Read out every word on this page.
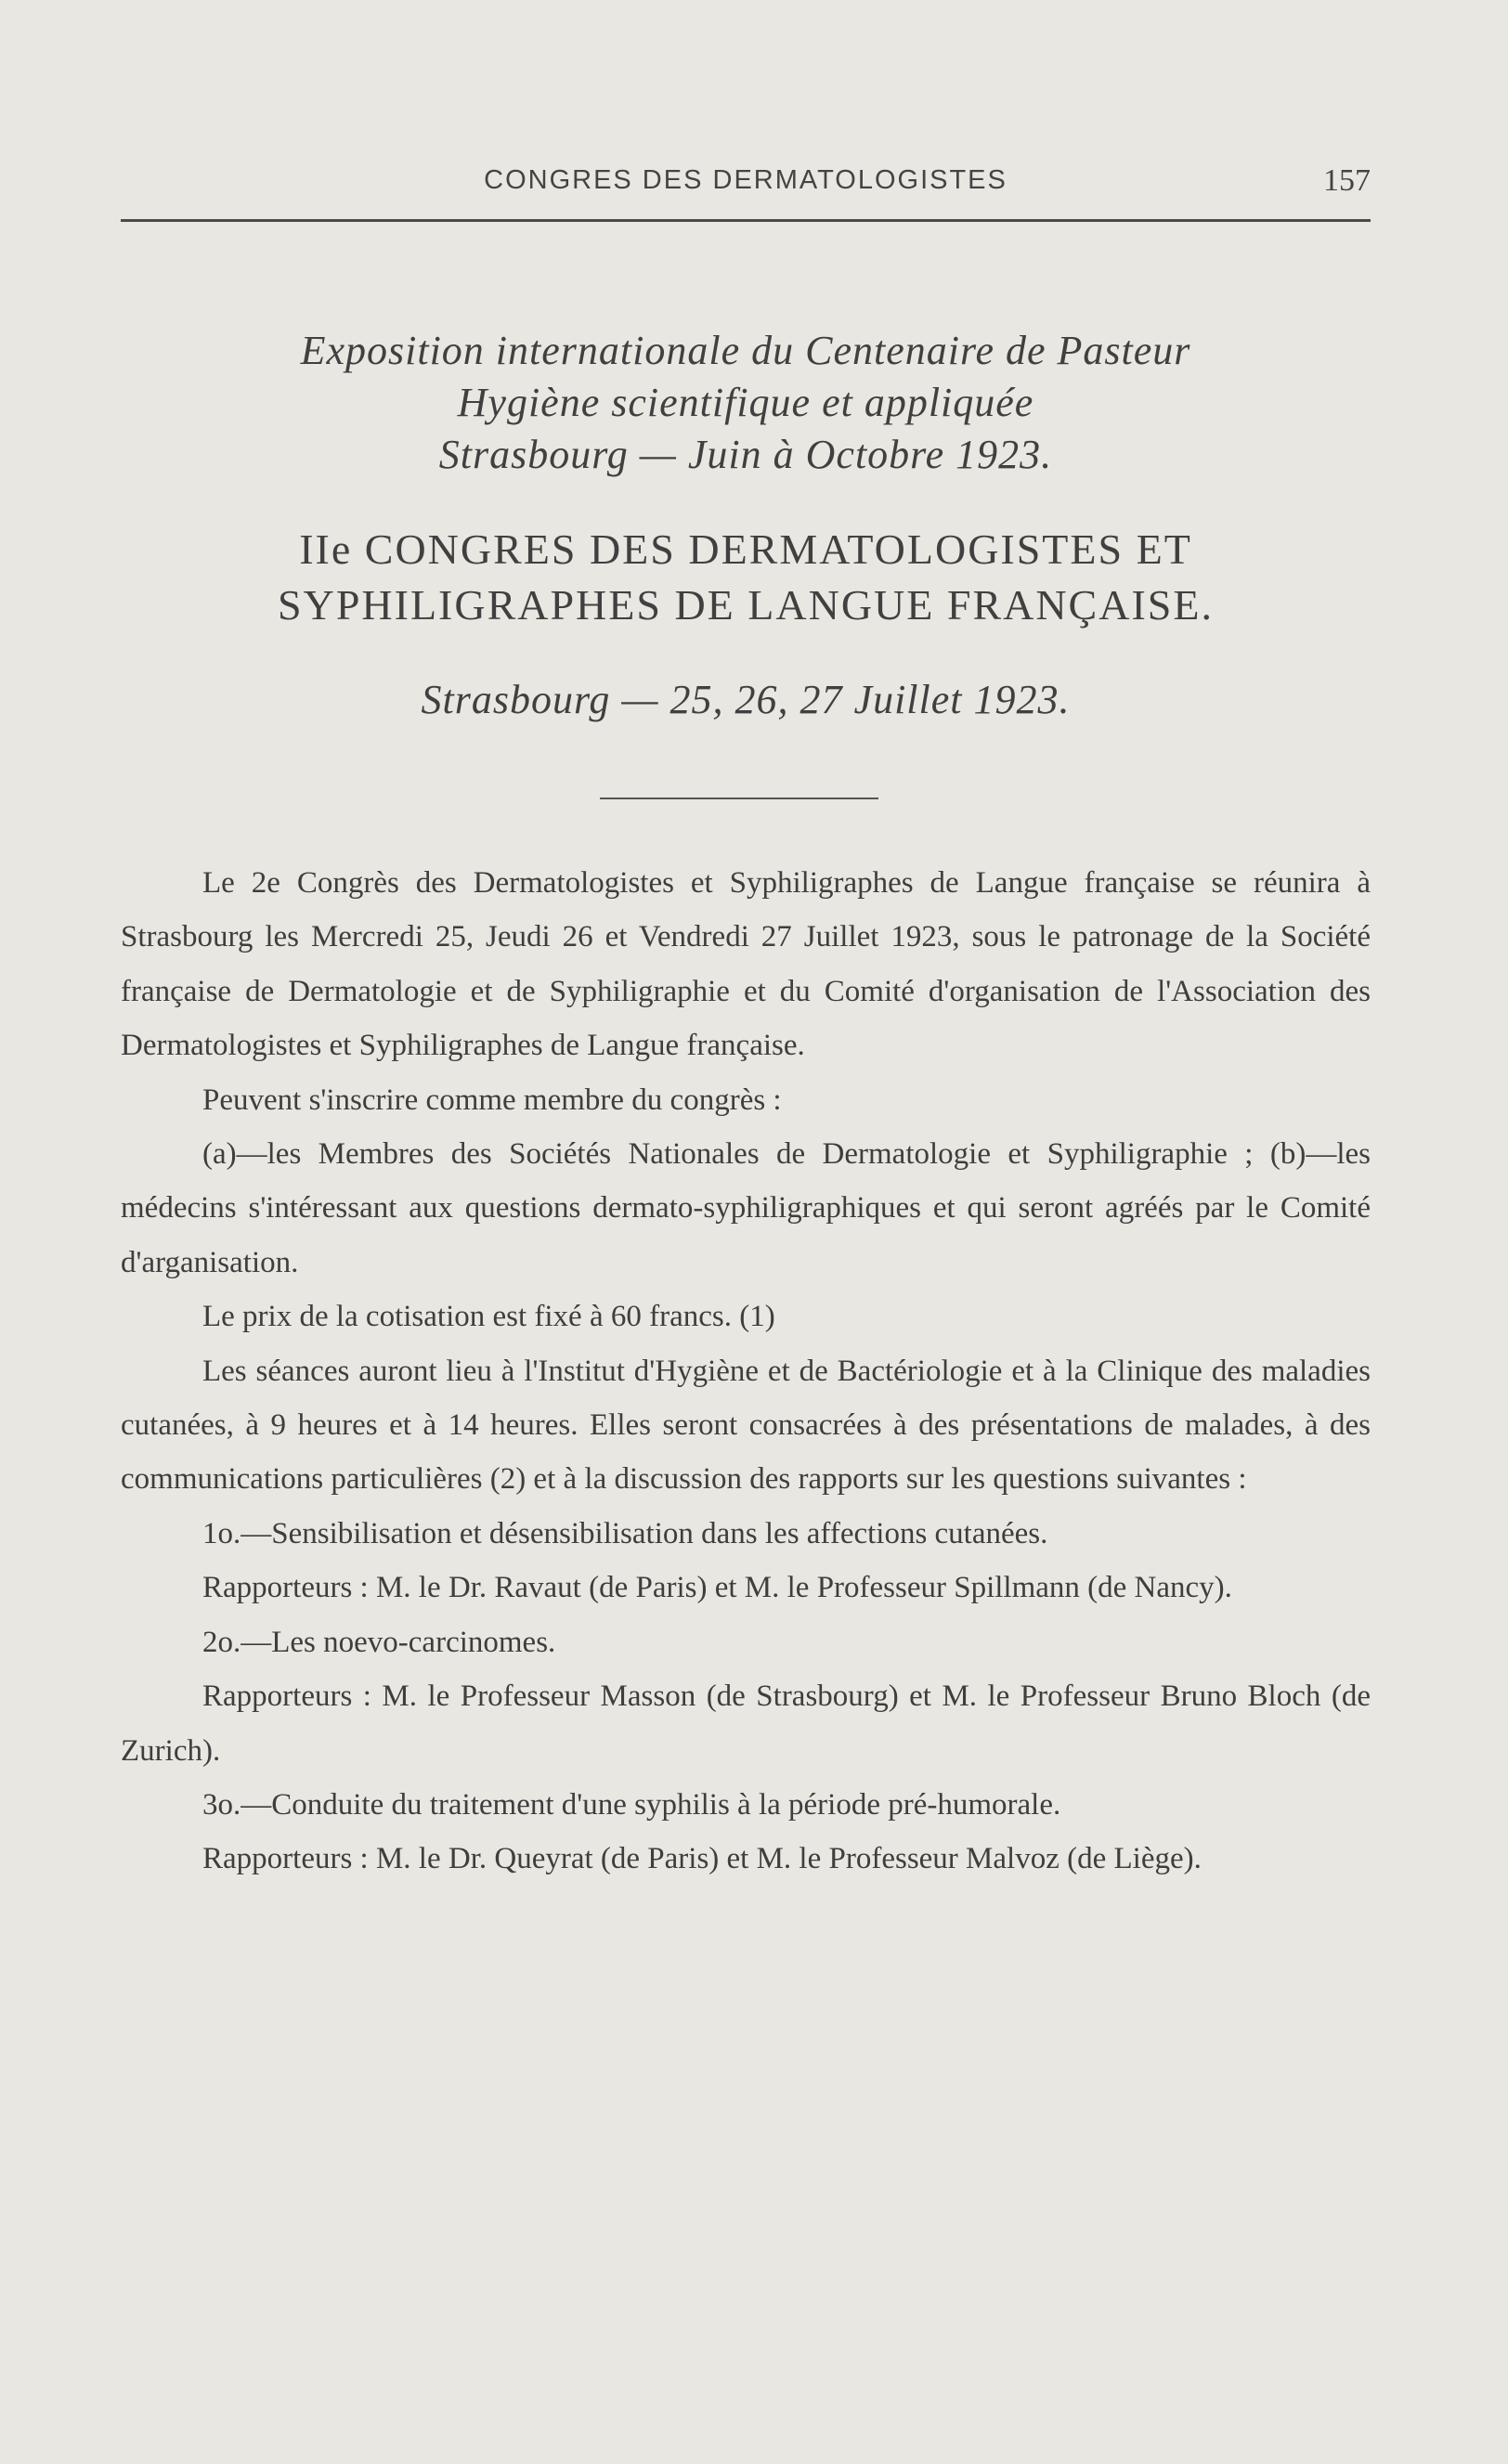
CONGRES DES DERMATOLOGISTES	157
Exposition internationale du Centenaire de Pasteur
Hygiène scientifique et appliquée
Strasbourg — Juin à Octobre 1923.
IIe CONGRES DES DERMATOLOGISTES ET
SYPHILIGRAPHES DE LANGUE FRANÇAISE.
Strasbourg — 25, 26, 27 Juillet 1923.

Le 2e Congrès des Dermatologistes et Syphiligraphes de Langue française se réunira à Strasbourg les Mercredi 25, Jeudi 26 et Vendredi 27 Juillet 1923, sous le patronage de la Société française de Dermatologie et de Syphiligraphie et du Comité d'organisation de l'Association des Dermatologistes et Syphiligraphes de Langue française.

Peuvent s'inscrire comme membre du congrès :

(a)—les Membres des Sociétés Nationales de Dermatologie et Syphiligraphie ; (b)—les médecins s'intéressant aux questions dermato-syphiligraphiques et qui seront agréés par le Comité d'arganisation.

Le prix de la cotisation est fixé à 60 francs. (1)

Les séances auront lieu à l'Institut d'Hygiène et de Bactériologie et à la Clinique des maladies cutanées, à 9 heures et à 14 heures. Elles seront consacrées à des présentations de malades, à des communications particulières (2) et à la discussion des rapports sur les questions suivantes :

1o.—Sensibilisation et désensibilisation dans les affections cutanées.

Rapporteurs : M. le Dr. Ravaut (de Paris) et M. le Professeur Spillmann (de Nancy).

2o.—Les noevo-carcinomes.

Rapporteurs : M. le Professeur Masson (de Strasbourg) et M. le Professeur Bruno Bloch (de Zurich).

3o.—Conduite du traitement d'une syphilis à la période pré-humorale.

Rapporteurs : M. le Dr. Queyrat (de Paris) et M. le Professeur Malvoz (de Liège).
